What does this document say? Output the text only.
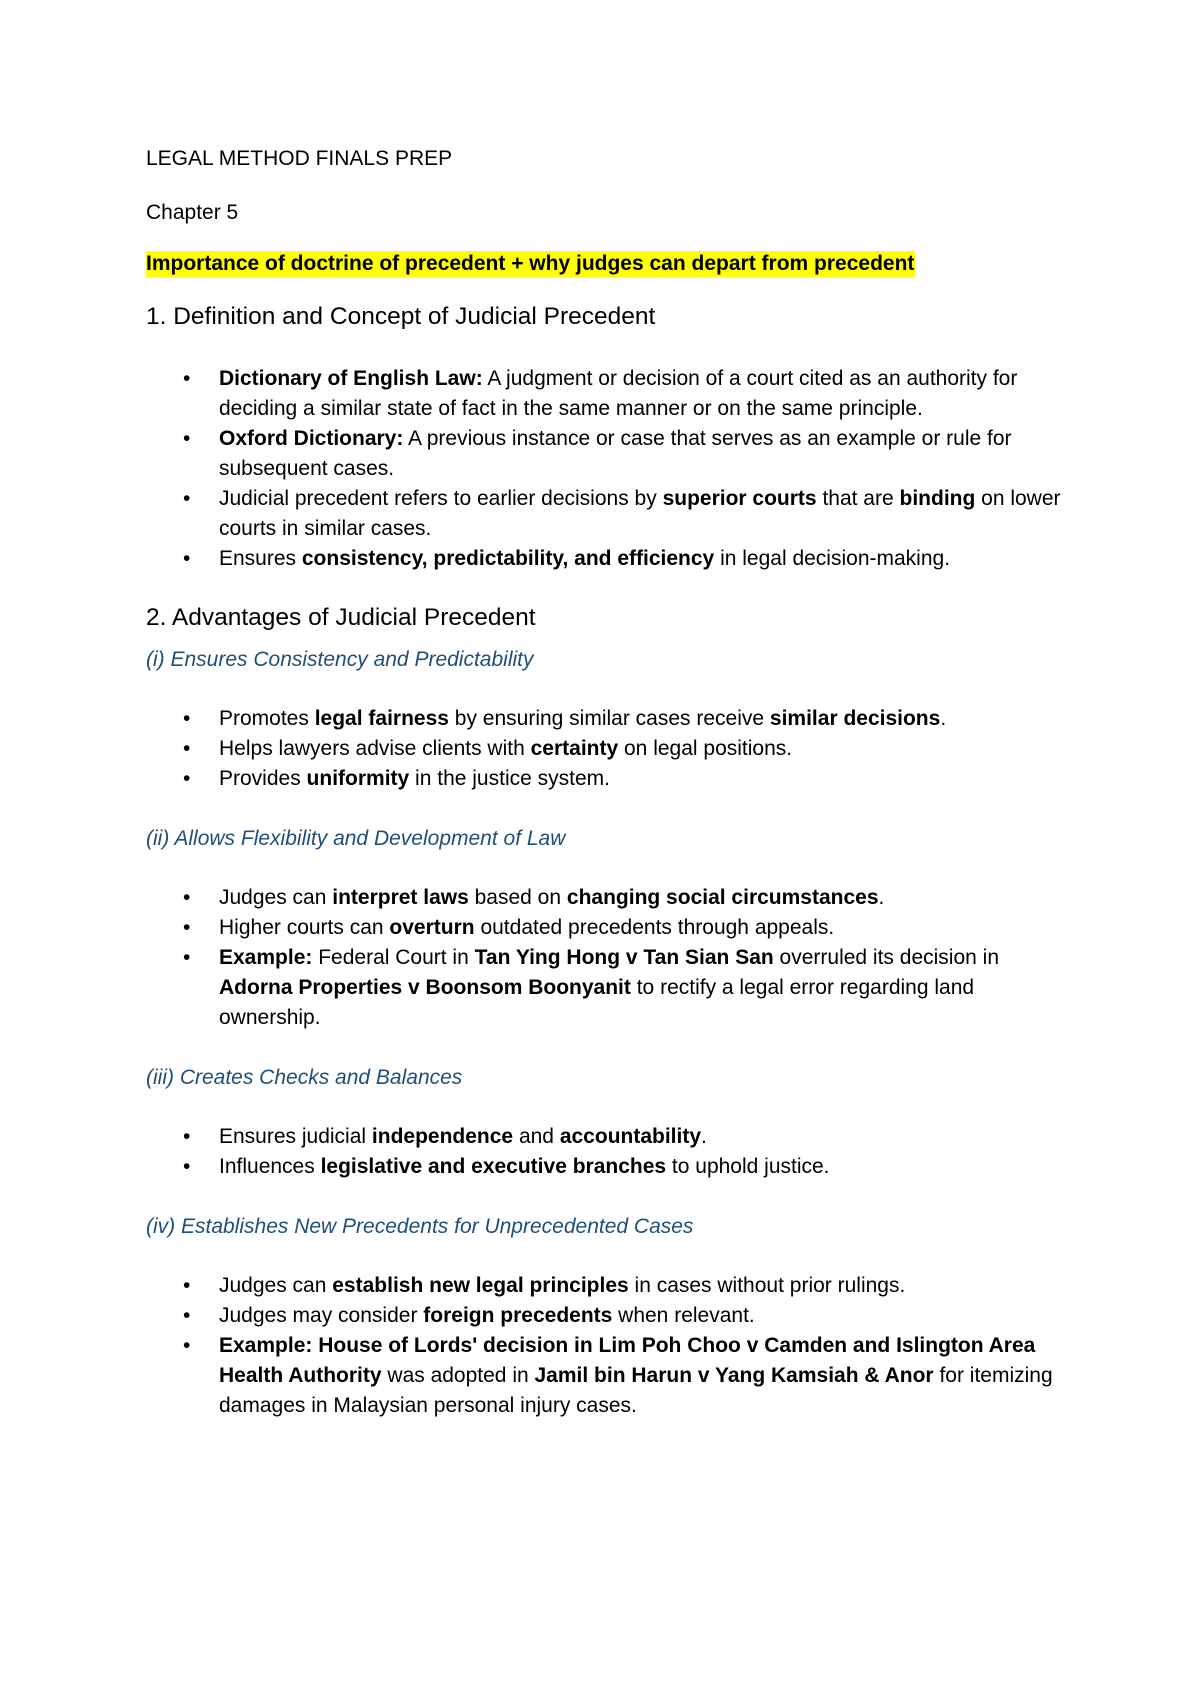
LEGAL METHOD FINALS PREP

Chapter 5

Importance of doctrine of precedent + why judges can depart from precedent

1. Definition and Concept of Judicial Precedent
• Dictionary of English Law: A judgment or decision of a court cited as an authority for deciding a similar state of fact in the same manner or on the same principle.
• Oxford Dictionary: A previous instance or case that serves as an example or rule for subsequent cases.
• Judicial precedent refers to earlier decisions by superior courts that are binding on lower courts in similar cases.
• Ensures consistency, predictability, and efficiency in legal decision-making.
2. Advantages of Judicial Precedent
(i) Ensures Consistency and Predictability
• Promotes legal fairness by ensuring similar cases receive similar decisions.
• Helps lawyers advise clients with certainty on legal positions.
• Provides uniformity in the justice system.
(ii) Allows Flexibility and Development of Law
• Judges can interpret laws based on changing social circumstances.
• Higher courts can overturn outdated precedents through appeals.
• Example: Federal Court in Tan Ying Hong v Tan Sian San overruled its decision in Adorna Properties v Boonsom Boonyanit to rectify a legal error regarding land ownership.
(iii) Creates Checks and Balances
• Ensures judicial independence and accountability.
• Influences legislative and executive branches to uphold justice.
(iv) Establishes New Precedents for Unprecedented Cases
• Judges can establish new legal principles in cases without prior rulings.
• Judges may consider foreign precedents when relevant.
• Example: House of Lords' decision in Lim Poh Choo v Camden and Islington Area Health Authority was adopted in Jamil bin Harun v Yang Kamsiah & Anor for itemizing damages in Malaysian personal injury cases.
